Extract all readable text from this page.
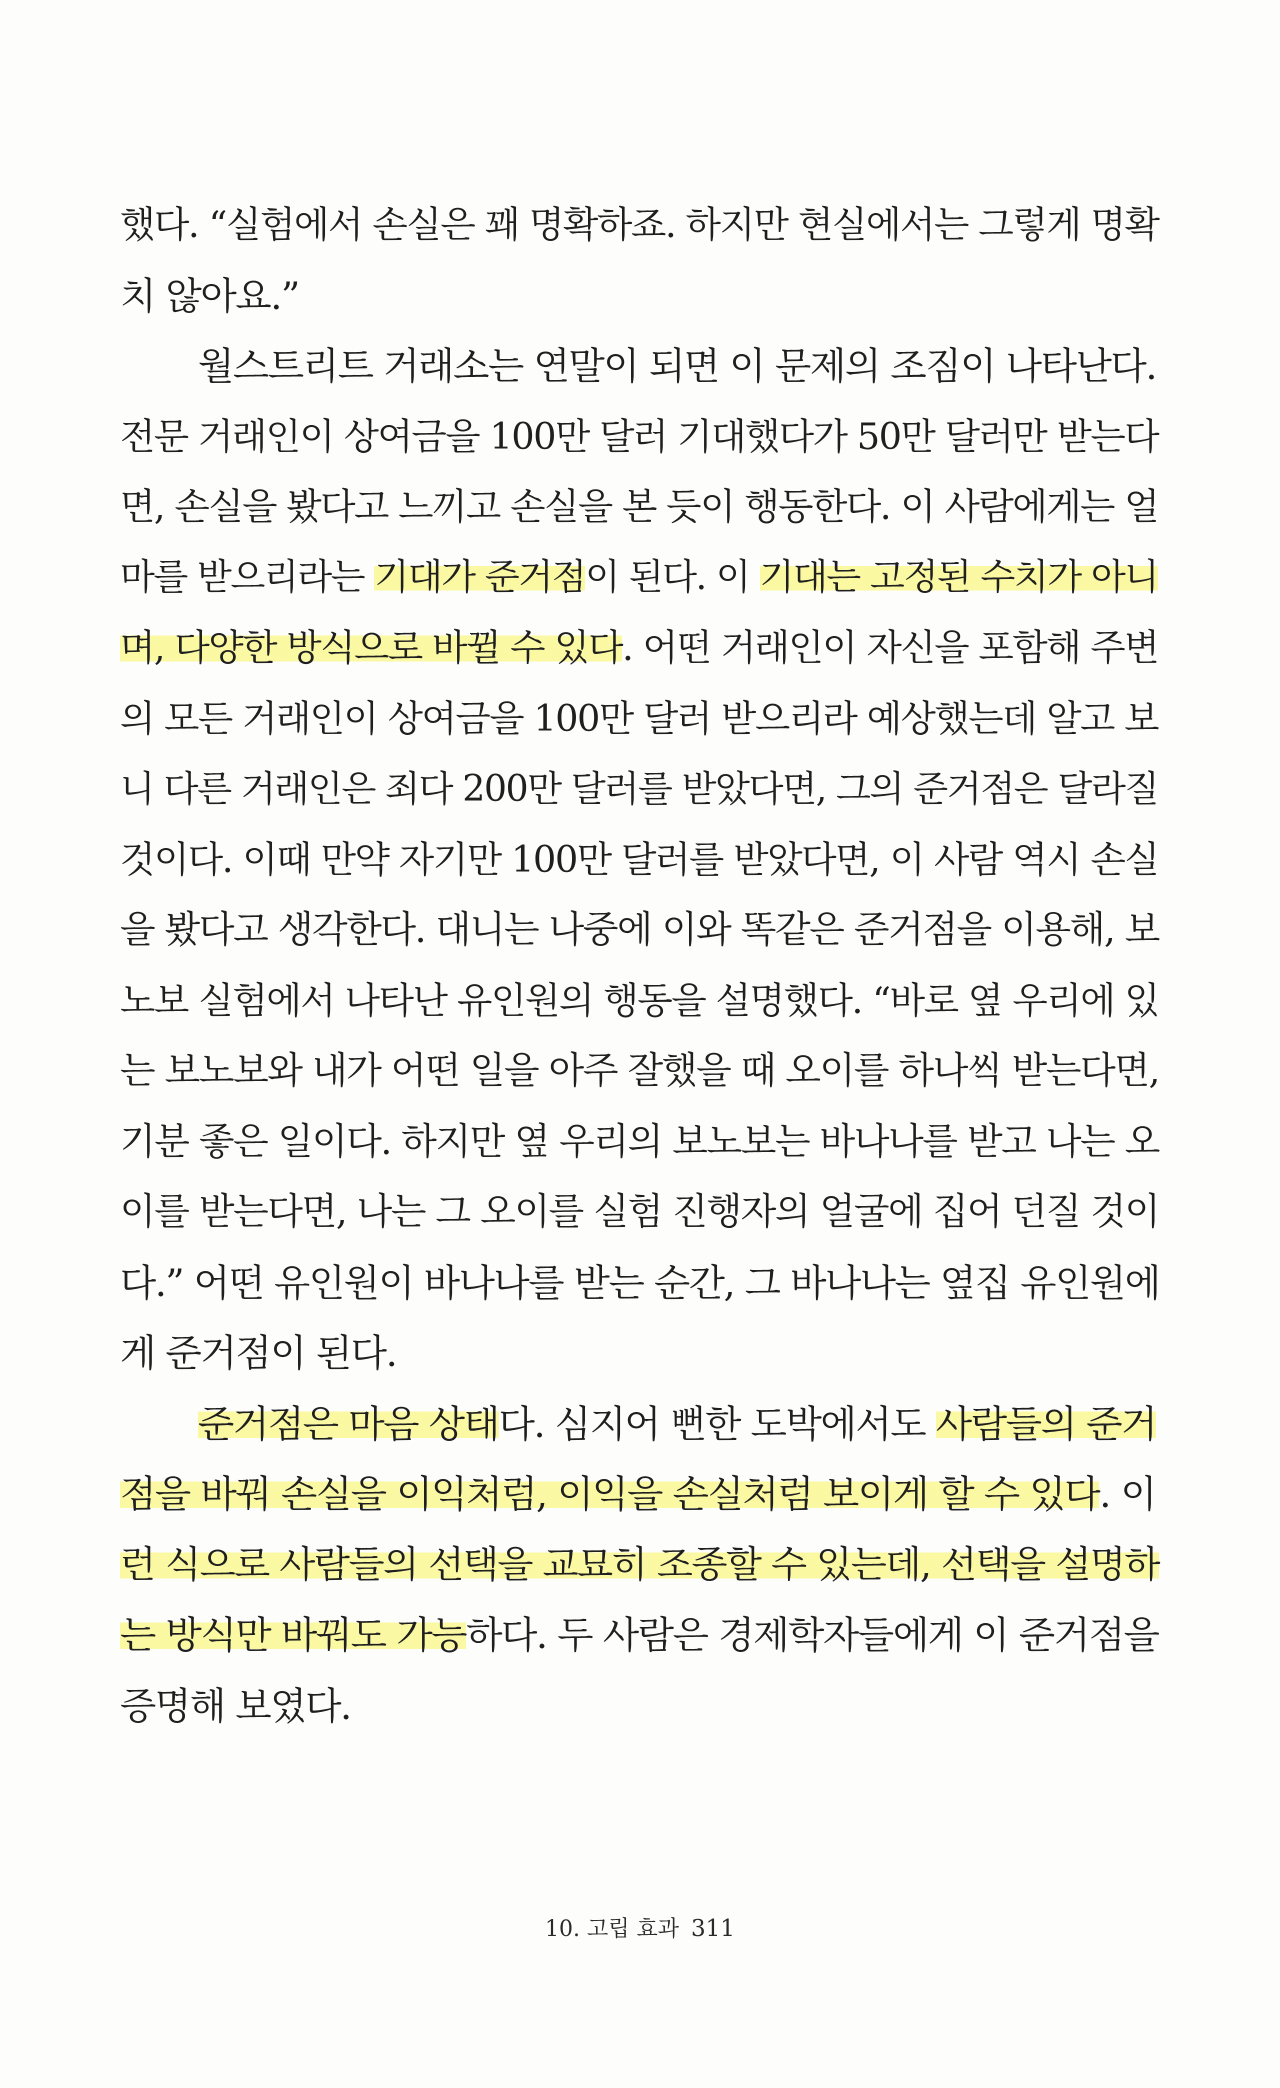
했다. “실험에서 손실은 꽤 명확하죠. 하지만 현실에서는 그렇게 명확
치 않아요.”
월스트리트 거래소는 연말이 되면 이 문제의 조짐이 나타난다.
전문 거래인이 상여금을 100만 달러 기대했다가 50만 달러만 받는다
면, 손실을 봤다고 느끼고 손실을 본 듯이 행동한다. 이 사람에게는 얼
마를 받으리라는 기대가 준거점이 된다. 이 기대는 고정된 수치가 아니
며, 다양한 방식으로 바뀔 수 있다. 어떤 거래인이 자신을 포함해 주변
의 모든 거래인이 상여금을 100만 달러 받으리라 예상했는데 알고 보
니 다른 거래인은 죄다 200만 달러를 받았다면, 그의 준거점은 달라질
것이다. 이때 만약 자기만 100만 달러를 받았다면, 이 사람 역시 손실
을 봤다고 생각한다. 대니는 나중에 이와 똑같은 준거점을 이용해, 보
노보 실험에서 나타난 유인원의 행동을 설명했다. “바로 옆 우리에 있
는 보노보와 내가 어떤 일을 아주 잘했을 때 오이를 하나씩 받는다면,
기분 좋은 일이다. 하지만 옆 우리의 보노보는 바나나를 받고 나는 오
이를 받는다면, 나는 그 오이를 실험 진행자의 얼굴에 집어 던질 것이
다.” 어떤 유인원이 바나나를 받는 순간, 그 바나나는 옆집 유인원에
게 준거점이 된다.
준거점은 마음 상태다. 심지어 뻔한 도박에서도 사람들의 준거
점을 바꿔 손실을 이익처럼, 이익을 손실처럼 보이게 할 수 있다. 이
런 식으로 사람들의 선택을 교묘히 조종할 수 있는데, 선택을 설명하
는 방식만 바꿔도 가능하다. 두 사람은 경제학자들에게 이 준거점을
증명해 보였다.
10. 고립 효과 311
